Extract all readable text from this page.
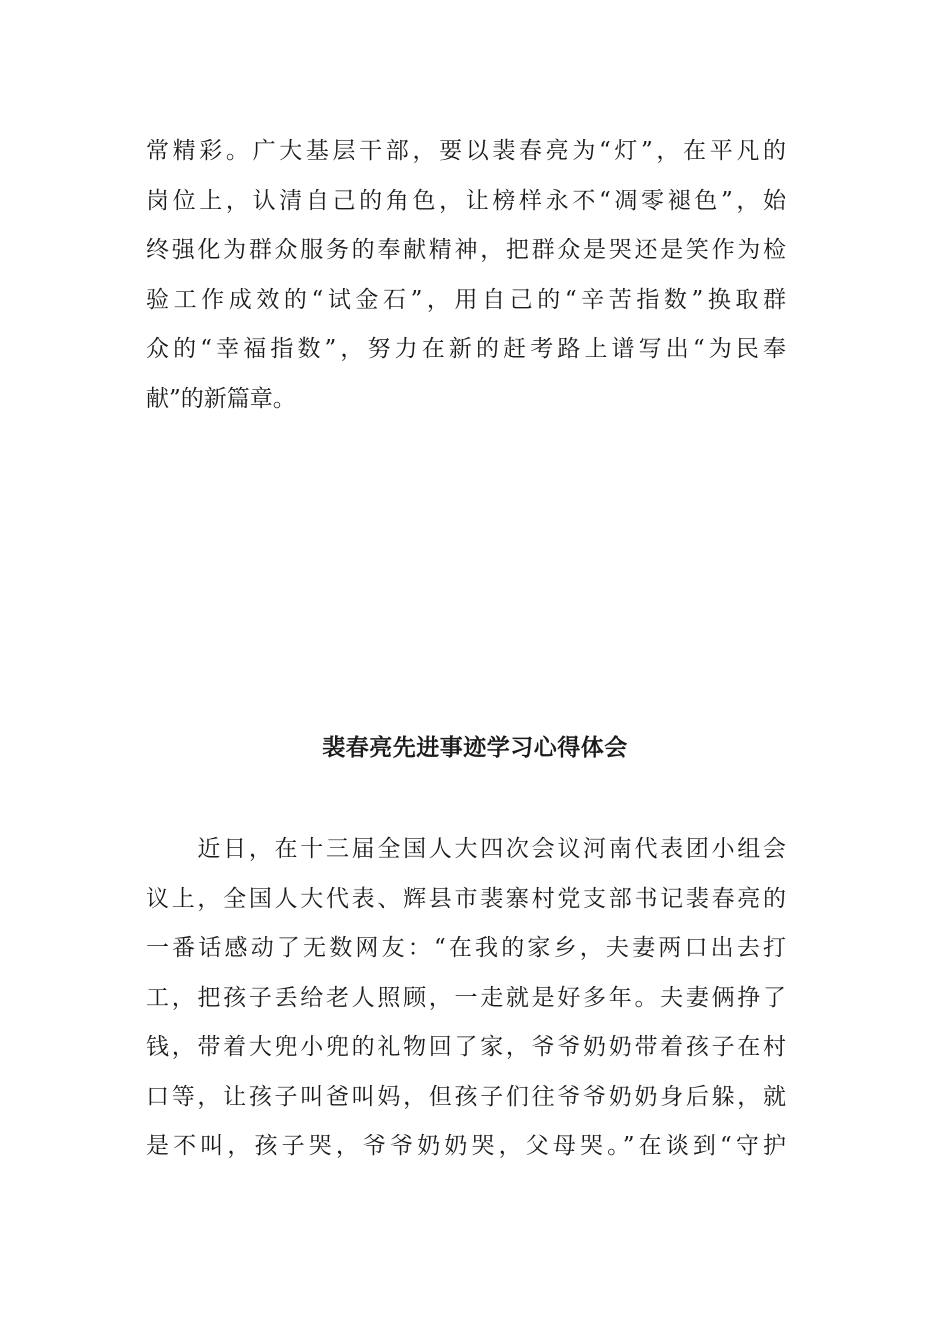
常精彩。广大基层干部，要以裴春亮为“灯”，在平凡的
岗位上，认清自己的角色，让榜样永不“凋零褪色”，始
终强化为群众服务的奉献精神，把群众是哭还是笑作为检
验工作成效的“试金石”，用自己的“辛苦指数”换取群
众的“幸福指数”，努力在新的赶考路上谱写出“为民奉
献”的新篇章。
裴春亮先进事迹学习心得体会
　　近日，在十三届全国人大四次会议河南代表团小组会
议上，全国人大代表、辉县市裴寨村党支部书记裴春亮的
一番话感动了无数网友：“在我的家乡，夫妻两口出去打
工，把孩子丢给老人照顾，一走就是好多年。夫妻俩挣了
钱，带着大兜小兜的礼物回了家，爷爷奶奶带着孩子在村
口等，让孩子叫爸叫妈，但孩子们往爷爷奶奶身后躲，就
是不叫，孩子哭，爷爷奶奶哭，父母哭。”在谈到“守护
